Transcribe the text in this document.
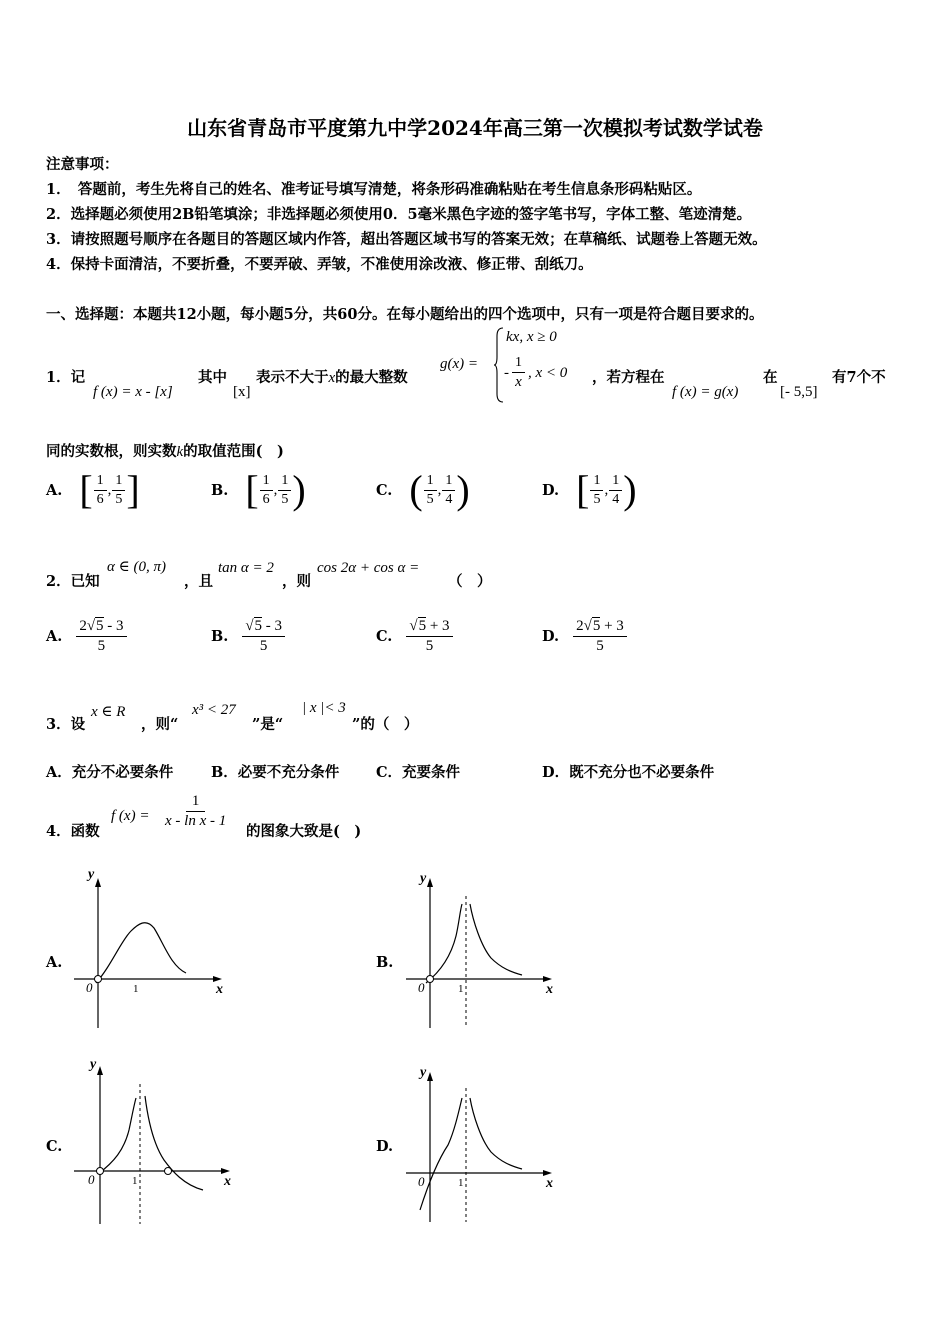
山东省青岛市平度第九中学2024年高三第一次模拟考试数学试卷
注意事项：
1．　答题前，考生先将自己的姓名、准考证号填写清楚，将条形码准确粘贴在考生信息条形码粘贴区。
2．选择题必须使用2B铅笔填涂；非选择题必须使用0．5毫米黑色字迹的签字笔书写，字体工整、笔迹清楚。
3．请按照题号顺序在各题目的答题区域内作答，超出答题区域书写的答案无效；在草稿纸、试题卷上答题无效。
4．保持卡面清洁，不要折叠，不要弄破、弄皱，不准使用涂改液、修正带、刮纸刀。
一、选择题：本题共12小题，每小题5分，共60分。在每小题给出的四个选项中，只有一项是符合题目要求的。
1．记
f (x) = x - [x]
其中
[x]
表示不大于x的最大整数
g(x) =
kx, x ≥ 0
- $\frac{1}{x}$ , x < 0 ，若方程在
f (x) = g(x)
在
[- 5,5]
有7个不
同的实数根，则实数k的取值范围(　)
A. [ $\frac{1}{6}$ , $\frac{1}{5}$ ]	B. [ $\frac{1}{6}$ , $\frac{1}{5}$ )	C. ( $\frac{1}{5}$ , $\frac{1}{4}$ )	D. [ $\frac{1}{5}$ , $\frac{1}{4}$ )
2．已知
α ∈ (0, π)
，且
tan α = 2
，则
cos 2α + cos α =
（　）
A. $\frac{2√5 - 3}{5}$	B. $\frac{√5 - 3}{5}$	C. $\frac{√5 + 3}{5}$	D. $\frac{2√5 + 3}{5}$
3．设
x ∈ R
，则“
x³ < 27
”是“
| x |< 3
”的（　）
A．充分不必要条件	B．必要不充分条件	C．充要条件	D．既不充分也不必要条件
4．函数
f $(x) = \frac{1}{\text{x - ln x - 1}}$
的图象大致是(　)
A.
y
x
0	1
B.
y
x
0	1
C.
y
x
0	1
D.
y
x
0	1
